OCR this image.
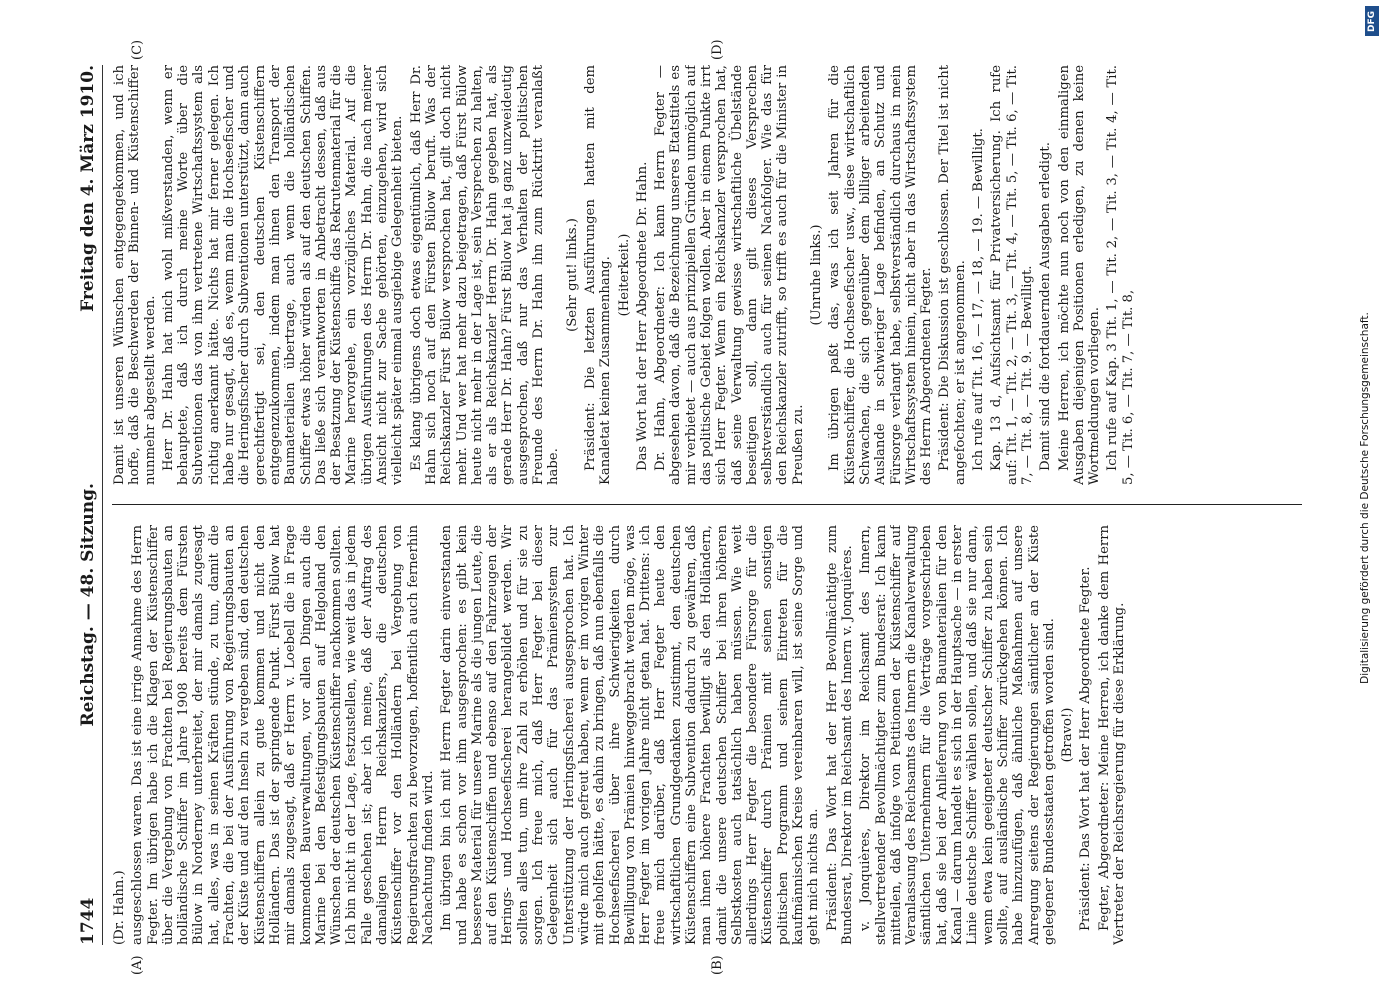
1744
Reichstag. — 48. Sitzung.
Freitag den 4. März 1910.

(Dr. Hahn.) ausgeschlossen waren. Das ist eine irrige Annahme des Herrn Fegter. Im übrigen habe ich die Klagen der Küstenschiffer über die Vergebung von Frachten bei Regierungsbauten an holländische Schiffer im Jahre 1908 bereits dem Fürsten Bülow in Norderney unterbreitet, der mir damals zugesagt hat, alles, was in seinen Kräften stünde, zu tun, damit die Frachten, die bei der Ausführung von Regierungsbauten an der Küste und auf den Inseln zu vergeben sind, den deutschen Küstenschiffern allein zu gute kommen und nicht den Holländern. Das ist der springende Punkt. Fürst Bülow hat mir damals zugesagt, daß er Herrn v. Loebell die in Frage kommenden Bauverwaltungen, vor allen Dingen auch die Marine bei den Befestigungsbauten auf Helgoland den Wünschen der deutschen Küstenschiffer nachkommen sollten. Ich bin nicht in der Lage, festzustellen, wie weit das in jedem Falle geschehen ist; aber ich meine, daß der Auftrag des damaligen Herrn Reichskanzlers, die deutschen Küstenschiffer vor den Holländern bei Vergebung von Regierungsfrachten zu bevorzugen, hoffentlich auch fernerhin Nachachtung finden wird. Im übrigen bin ich mit Herrn Fegter darin einverstanden und habe es schon vor ihm ausgesprochen: es gibt kein besseres Material für unsere Marine als die jungen Leute, die auf den Küstenschiffen und ebenso auf den Fahrzeugen der Herings- und Hochseefischerei herangebildet werden. Wir sollten alles tun, um ihre Zahl zu erhöhen und für sie zu sorgen. Ich freue mich, daß Herr Fegter bei dieser Gelegenheit sich auch für das Prämiensystem zur Unterstützung der Heringsfischerei ausgesprochen hat. Ich würde mich auch gefreut haben, wenn er im vorigen Winter mit geholfen hätte, es dahin zu bringen, daß nun ebenfalls die Hochseefischerei über ihre Schwierigkeiten durch Bewilligung von Prämien hinweggebracht werden möge, was Herr Fegter im vorigen Jahre nicht getan hat. Drittens: ich freue mich darüber, daß Herr Fegter heute den wirtschaftlichen Grundgedanken zustimmt, den deutschen Küstenschiffern eine Subvention dadurch zu gewähren, daß man ihnen höhere Frachten bewilligt als den Holländern, damit die unsere deutschen Schiffer bei ihren höheren Selbstkosten auch tatsächlich haben müssen. Wie weit allerdings Herr Fegter die besondere Fürsorge für die Küstenschiffer durch Prämien mit seinen sonstigen politischen Programm und seinem Eintreten für die kaufmännischen Kreise vereinbaren will, ist seine Sorge und geht mich nichts an. Präsident: Das Wort hat der Herr Bevollmächtigte zum Bundesrat, Direktor im Reichsamt des Innern v. Jonquières. v. Jonquières, Direktor im Reichsamt des Innern, stellvertretender Bevollmächtigter zum Bundesrat: Ich kann mitteilen, daß infolge von Petitionen der Küstenschiffer auf Veranlassung des Reichsamts des Innern die Kanalverwaltung sämtlichen Unternehmern für die Verträge vorgeschrieben hat, daß sie bei der Anlieferung von Baumaterialien für den Kanal — darum handelt es sich in der Hauptsache — in erster Linie deutsche Schiffer wählen sollen, und daß sie nur dann, wenn etwa kein geeigneter deutscher Schiffer zu haben sein sollte, auf ausländische Schiffer zurückgehen können. Ich habe hinzuzufügen, daß ähnliche Maßnahmen auf unsere Anregung seitens der Regierungen sämtlicher an der Küste gelegener Bundesstaaten getroffen worden sind. (Bravo!) Präsident: Das Wort hat der Herr Abgeordnete Fegter. Fegter, Abgeordneter: Meine Herren, ich danke dem Herrn Vertreter der Reichsregierung für diese Erklärung.

Damit ist unseren Wünschen entgegengekommen, und ich hoffe, daß die Beschwerden der Binnen- und Küstenschiffer nunmehr abgestellt werden. Herr Dr. Hahn hat mich wohl mißverstanden, wenn er behauptete, daß ich durch meine Worte über die Subventionen das von ihm vertretene Wirtschaftssystem als richtig anerkannt hätte. Nichts hat mir ferner gelegen. Ich habe nur gesagt, daß es, wenn man die Hochseefischer und die Heringsfischer durch Subventionen unterstützt, dann auch gerechtfertigt sei, den deutschen Küstenschiffern entgegenzukommen, indem man ihnen den Transport der Baumaterialien übertrage, auch wenn die holländischen Schiffer etwas höher würden als auf den deutschen Schiffen. Das ließe sich verantworten in Anbetracht dessen, daß aus der Besatzung der Küstenschiffe das Rekrutenmaterial für die Marine hervorgehe, ein vorzügliches Material. Auf die übrigen Ausführungen des Herrn Dr. Hahn, die nach meiner Ansicht nicht zur Sache gehörten, einzugehen, wird sich vielleicht später einmal ausgiebige Gelegenheit bieten. Es klang übrigens doch etwas eigentümlich, daß Herr Dr. Hahn sich noch auf den Fürsten Bülow beruft. Was der Reichskanzler Fürst Bülow versprochen hat, gilt doch nicht mehr. Und wer hat mehr dazu beigetragen, daß Fürst Bülow heute nicht mehr in der Lage ist, sein Versprechen zu halten, als er als Reichskanzler Herrn Dr. Hahn gegeben hat, als gerade Herr Dr. Hahn? Fürst Bülow hat ja ganz unzweideutig ausgesprochen, daß nur das Verhalten der politischen Freunde des Herrn Dr. Hahn ihn zum Rücktritt veranlaßt habe.

(Sehr gut! links.) Präsident: Die letzten Ausführungen hatten mit dem Kanaletat keinen Zusammenhang. (Heiterkeit.) Das Wort hat der Herr Abgeordnete Dr. Hahn. Dr. Hahn, Abgeordneter: Ich kann Herrn Fegter — abgesehen davon, daß die Bezeichnung unseres Etatstitels es mir verbietet — auch aus prinzipiellen Gründen unmöglich auf das politische Gebiet folgen wollen. Aber in einem Punkte irrt sich Herr Fegter. Wenn ein Reichskanzler versprochen hat, daß seine Verwaltung gewisse wirtschaftliche Übelstände beseitigen soll, dann gilt dieses Versprechen selbstverständlich auch für seinen Nachfolger. Wie das für den Reichskanzler zutrifft, so trifft es auch für die Minister in Preußen zu.

(Unruhe links.) Im übrigen paßt das, was ich seit Jahren für die Küstenschiffer, die Hochseefischer usw., diese wirtschaftlich Schwachen, die sich gegenüber dem billiger arbeitenden Auslande in schwieriger Lage befinden, an Schutz und Fürsorge verlangt habe, selbstverständlich durchaus in mein Wirtschaftssystem hinein, nicht aber in das Wirtschaftssystem des Herrn Abgeordneten Fegter. Präsident: Die Diskussion ist geschlossen. Der Titel ist nicht angefochten; er ist angenommen. Ich rufe auf Tit. 16, — 17, — 18, — 19. — Bewilligt. Kap. 13 d, Aufsichtsamt für Privatversicherung. Ich rufe auf: Tit. 1, — Tit. 2, — Tit. 3, — Tit. 4, — Tit. 5, — Tit. 6, — Tit. 7, — Tit. 8, — Tit. 9. — Bewilligt. Damit sind die fortdauernden Ausgaben erledigt. Meine Herren, ich möchte nun noch von den einmaligen Ausgaben diejenigen Positionen erledigen, zu denen keine Wortmeldungen vorliegen. Ich rufe auf Kap. 3 Tit. 1, — Tit. 2, — Tit. 3, — Tit. 4, — Tit. 5, — Tit. 6, — Tit. 7, — Tit. 8,

(A)	(B)
(C)	(D)
Digitalisierung gefördert durch die Deutsche Forschungsgemeinschaft.
DFG
